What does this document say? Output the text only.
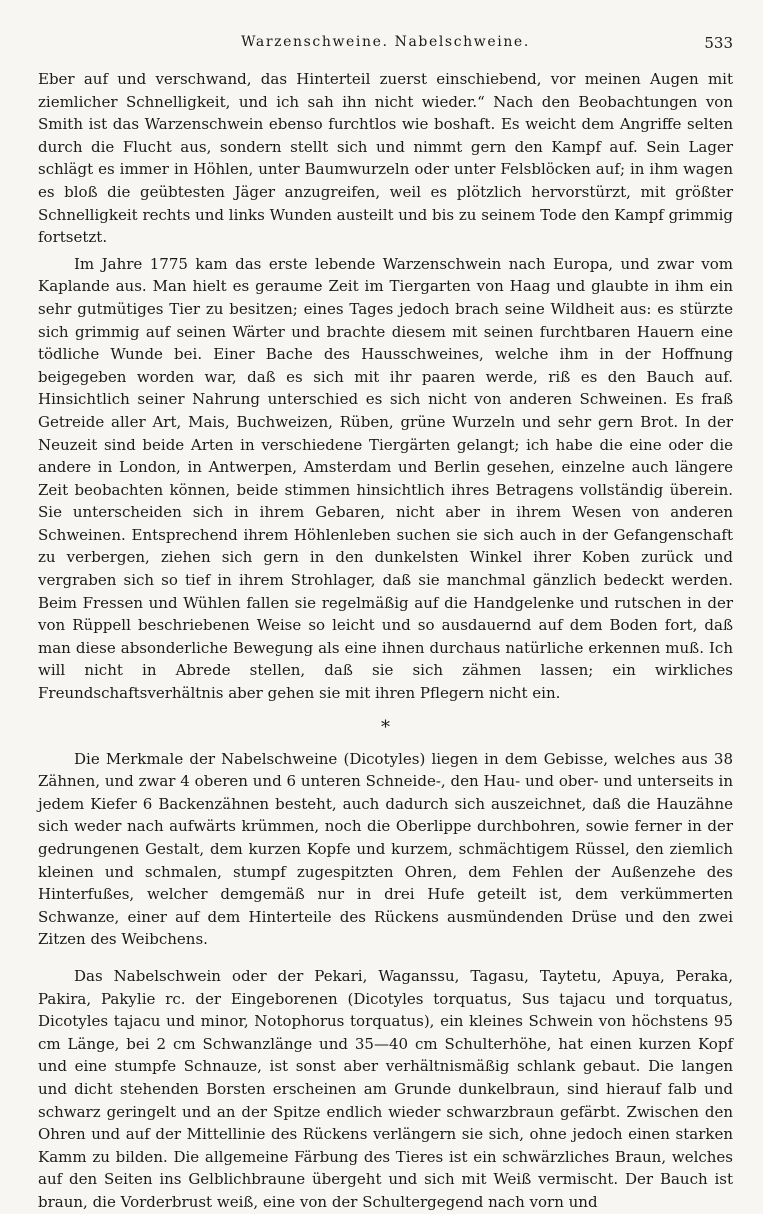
Warzenschweine. Nabelschweine.	533

Eber auf und verschwand, das Hinterteil zuerst einschiebend, vor meinen Augen mit ziemlicher Schnelligkeit, und ich sah ihn nicht wieder.“ Nach den Beobachtungen von Smith ist das Warzenschwein ebenso furchtlos wie boshaft. Es weicht dem Angriffe selten durch die Flucht aus, sondern stellt sich und nimmt gern den Kampf auf. Sein Lager schlägt es immer in Höhlen, unter Baumwurzeln oder unter Felsblöcken auf; in ihm wagen es bloß die geübtesten Jäger anzugreifen, weil es plötzlich hervorstürzt, mit größter Schnelligkeit rechts und links Wunden austeilt und bis zu seinem Tode den Kampf grimmig fortsetzt.

Im Jahre 1775 kam das erste lebende Warzenschwein nach Europa, und zwar vom Kaplande aus. Man hielt es geraume Zeit im Tiergarten von Haag und glaubte in ihm ein sehr gutmütiges Tier zu besitzen; eines Tages jedoch brach seine Wildheit aus: es stürzte sich grimmig auf seinen Wärter und brachte diesem mit seinen furchtbaren Hauern eine tödliche Wunde bei. Einer Bache des Hausschweines, welche ihm in der Hoffnung beigegeben worden war, daß es sich mit ihr paaren werde, riß es den Bauch auf. Hinsichtlich seiner Nahrung unterschied es sich nicht von anderen Schweinen. Es fraß Getreide aller Art, Mais, Buchweizen, Rüben, grüne Wurzeln und sehr gern Brot. In der Neuzeit sind beide Arten in verschiedene Tiergärten gelangt; ich habe die eine oder die andere in London, in Antwerpen, Amsterdam und Berlin gesehen, einzelne auch längere Zeit beobachten können, beide stimmen hinsichtlich ihres Betragens vollständig überein. Sie unterscheiden sich in ihrem Gebaren, nicht aber in ihrem Wesen von anderen Schweinen. Entsprechend ihrem Höhlenleben suchen sie sich auch in der Gefangenschaft zu verbergen, ziehen sich gern in den dunkelsten Winkel ihrer Koben zurück und vergraben sich so tief in ihrem Strohlager, daß sie manchmal gänzlich bedeckt werden. Beim Fressen und Wühlen fallen sie regelmäßig auf die Handgelenke und rutschen in der von Rüppell beschriebenen Weise so leicht und so ausdauernd auf dem Boden fort, daß man diese absonderliche Bewegung als eine ihnen durchaus natürliche erkennen muß. Ich will nicht in Abrede stellen, daß sie sich zähmen lassen; ein wirkliches Freundschaftsverhältnis aber gehen sie mit ihren Pflegern nicht ein.

*

Die Merkmale der Nabelschweine (Dicotyles) liegen in dem Gebisse, welches aus 38 Zähnen, und zwar 4 oberen und 6 unteren Schneide-, den Hau- und ober- und unterseits in jedem Kiefer 6 Backenzähnen besteht, auch dadurch sich auszeichnet, daß die Hauzähne sich weder nach aufwärts krümmen, noch die Oberlippe durchbohren, sowie ferner in der gedrungenen Gestalt, dem kurzen Kopfe und kurzem, schmächtigem Rüssel, den ziemlich kleinen und schmalen, stumpf zugespitzten Ohren, dem Fehlen der Außenzehe des Hinterfußes, welcher demgemäß nur in drei Hufe geteilt ist, dem verkümmerten Schwanze, einer auf dem Hinterteile des Rückens ausmündenden Drüse und den zwei Zitzen des Weibchens.

Das Nabelschwein oder der Pekari, Waganssu, Tagasu, Taytetu, Apuya, Peraka, Pakira, Pakylie rc. der Eingeborenen (Dicotyles torquatus, Sus tajacu und torquatus, Dicotyles tajacu und minor, Notophorus torquatus), ein kleines Schwein von höchstens 95 cm Länge, bei 2 cm Schwanzlänge und 35—40 cm Schulterhöhe, hat einen kurzen Kopf und eine stumpfe Schnauze, ist sonst aber verhältnismäßig schlank gebaut. Die langen und dicht stehenden Borsten erscheinen am Grunde dunkelbraun, sind hierauf falb und schwarz geringelt und an der Spitze endlich wieder schwarzbraun gefärbt. Zwischen den Ohren und auf der Mittellinie des Rückens verlängern sie sich, ohne jedoch einen starken Kamm zu bilden. Die allgemeine Färbung des Tieres ist ein schwärzliches Braun, welches auf den Seiten ins Gelblichbraune übergeht und sich mit Weiß vermischt. Der Bauch ist braun, die Vorderbrust weiß, eine von der Schultergegend nach vorn und
